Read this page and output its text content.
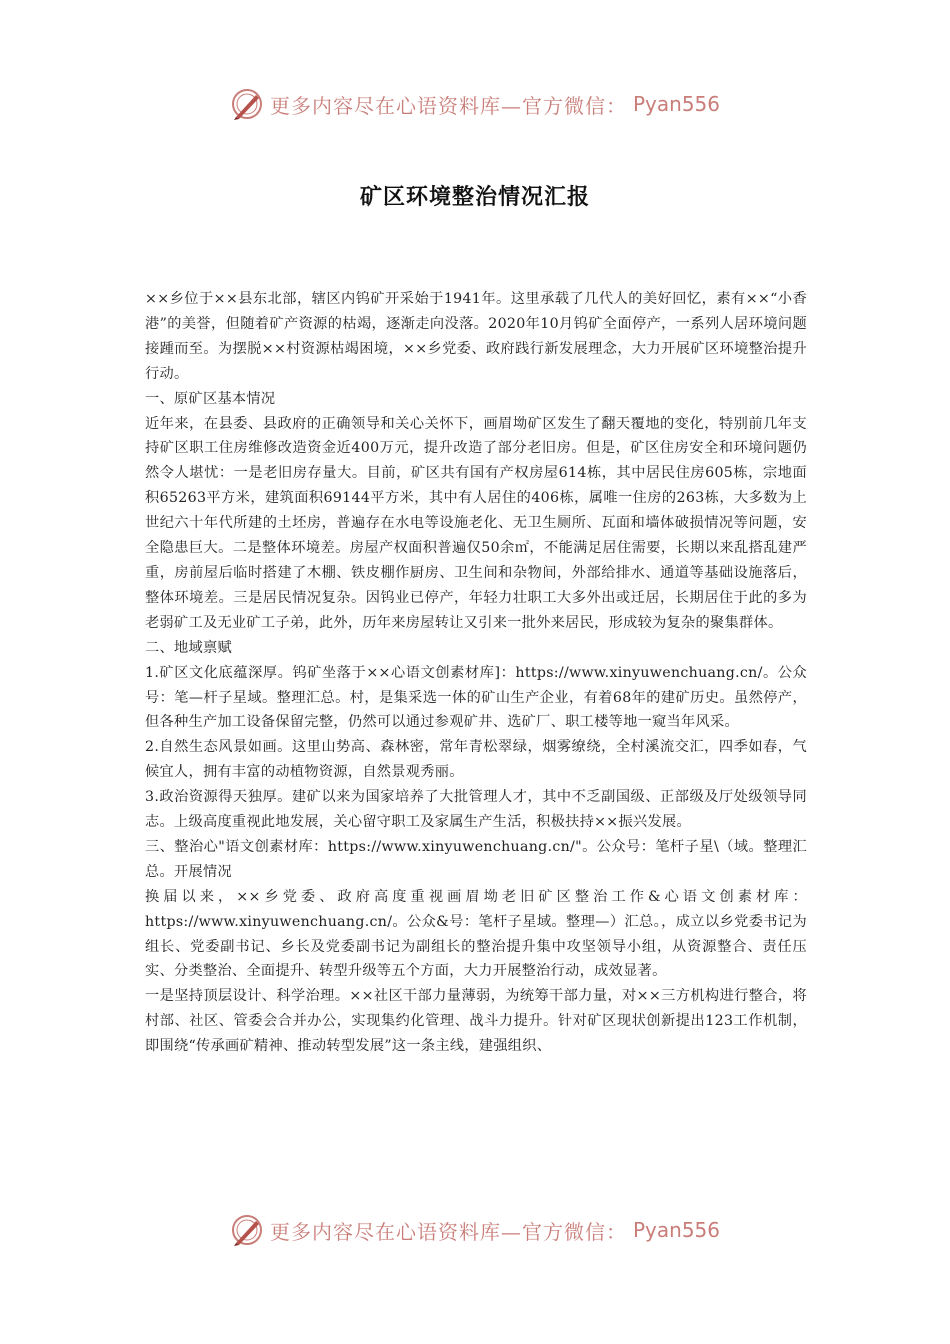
更多内容尽在心语资料库—官方微信： Pyan556
矿区环境整治情况汇报

××乡位于××县东北部，辖区内钨矿开采始于1941年。这里承载了几代人的美好回忆，素有××“小香港”的美誉，但随着矿产资源的枯竭，逐渐走向没落。2020年10月钨矿全面停产，一系列人居环境问题接踵而至。为摆脱××村资源枯竭困境，××乡党委、政府践行新发展理念，大力开展矿区环境整治提升行动。

一、原矿区基本情况

近年来，在县委、县政府的正确领导和关心关怀下，画眉坳矿区发生了翻天覆地的变化，特别前几年支持矿区职工住房维修改造资金近400万元，提升改造了部分老旧房。但是，矿区住房安全和环境问题仍然令人堪忧：一是老旧房存量大。目前，矿区共有国有产权房屋614栋，其中居民住房605栋，宗地面积65263平方米，建筑面积69144平方米，其中有人居住的406栋，属唯一住房的263栋，大多数为上世纪六十年代所建的土坯房，普遍存在水电等设施老化、无卫生厕所、瓦面和墙体破损情况等问题，安全隐患巨大。二是整体环境差。房屋产权面积普遍仅50余㎡，不能满足居住需要，长期以来乱搭乱建严重，房前屋后临时搭建了木棚、铁皮棚作厨房、卫生间和杂物间，外部给排水、通道等基础设施落后，整体环境差。三是居民情况复杂。因钨业已停产，年轻力壮职工大多外出或迁居，长期居住于此的多为老弱矿工及无业矿工子弟，此外，历年来房屋转让又引来一批外来居民，形成较为复杂的聚集群体。

二、地域禀赋

1.矿区文化底蕴深厚。钨矿坐落于××心语文创素材库]：https://www.xinyuwenchuang.cn/。公众号：笔—杆子星域。整理汇总。村，是集采选一体的矿山生产企业，有着68年的建矿历史。虽然停产，但各种生产加工设备保留完整，仍然可以通过参观矿井、选矿厂、职工楼等地一窥当年风采。

2.自然生态风景如画。这里山势高、森林密，常年青松翠绿，烟雾缭绕，全村溪流交汇，四季如春，气候宜人，拥有丰富的动植物资源，自然景观秀丽。

3.政治资源得天独厚。建矿以来为国家培养了大批管理人才，其中不乏副国级、正部级及厅处级领导同志。上级高度重视此地发展，关心留守职工及家属生产生活，积极扶持××振兴发展。

三、整治心"语文创素材库：https://www.xinyuwenchuang.cn/"。公众号：笔杆子星\（域。整理汇总。开展情况

换届以来，××乡党委、政府高度重视画眉坳老旧矿区整治工作&心语文创素材库：https://www.xinyuwenchuang.cn/。公众&号：笔杆子星域。整理—）汇总。，成立以乡党委书记为组长、党委副书记、乡长及党委副书记为副组长的整治提升集中攻坚领导小组，从资源整合、责任压实、分类整治、全面提升、转型升级等五个方面，大力开展整治行动，成效显著。

一是坚持顶层设计、科学治理。××社区干部力量薄弱，为统筹干部力量，对××三方机构进行整合，将村部、社区、管委会合并办公，实现集约化管理、战斗力提升。针对矿区现状创新提出123工作机制，即围绕“传承画矿精神、推动转型发展”这一条主线，建强组织、

更多内容尽在心语资料库—官方微信： Pyan556
